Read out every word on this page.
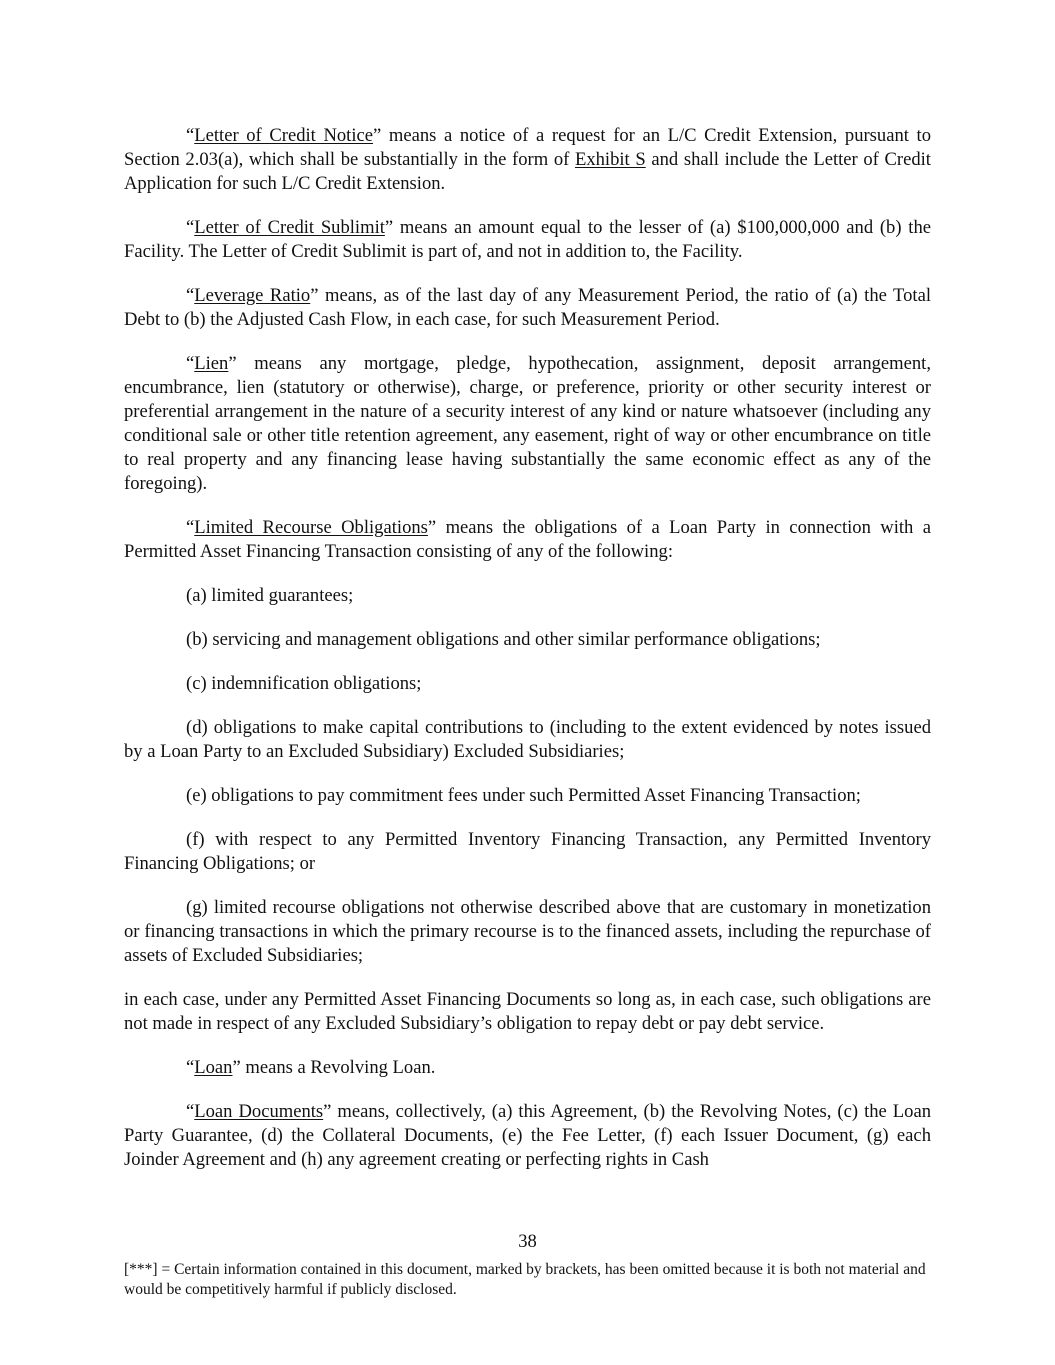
“Letter of Credit Notice” means a notice of a request for an L/C Credit Extension, pursuant to Section 2.03(a), which shall be substantially in the form of Exhibit S and shall include the Letter of Credit Application for such L/C Credit Extension.

“Letter of Credit Sublimit” means an amount equal to the lesser of (a) $100,000,000 and (b) the Facility. The Letter of Credit Sublimit is part of, and not in addition to, the Facility.

“Leverage Ratio” means, as of the last day of any Measurement Period, the ratio of (a) the Total Debt to (b) the Adjusted Cash Flow, in each case, for such Measurement Period.

“Lien” means any mortgage, pledge, hypothecation, assignment, deposit arrangement, encumbrance, lien (statutory or otherwise), charge, or preference, priority or other security interest or preferential arrangement in the nature of a security interest of any kind or nature whatsoever (including any conditional sale or other title retention agreement, any easement, right of way or other encumbrance on title to real property and any financing lease having substantially the same economic effect as any of the foregoing).

“Limited Recourse Obligations” means the obligations of a Loan Party in connection with a Permitted Asset Financing Transaction consisting of any of the following:

(a) limited guarantees;

(b) servicing and management obligations and other similar performance obligations;

(c) indemnification obligations;

(d) obligations to make capital contributions to (including to the extent evidenced by notes issued by a Loan Party to an Excluded Subsidiary) Excluded Subsidiaries;

(e) obligations to pay commitment fees under such Permitted Asset Financing Transaction;

(f) with respect to any Permitted Inventory Financing Transaction, any Permitted Inventory Financing Obligations; or

(g) limited recourse obligations not otherwise described above that are customary in monetization or financing transactions in which the primary recourse is to the financed assets, including the repurchase of assets of Excluded Subsidiaries;

in each case, under any Permitted Asset Financing Documents so long as, in each case, such obligations are not made in respect of any Excluded Subsidiary’s obligation to repay debt or pay debt service.

“Loan” means a Revolving Loan.

“Loan Documents” means, collectively, (a) this Agreement, (b) the Revolving Notes, (c) the Loan Party Guarantee, (d) the Collateral Documents, (e) the Fee Letter, (f) each Issuer Document, (g) each Joinder Agreement and (h) any agreement creating or perfecting rights in Cash

38
[***] = Certain information contained in this document, marked by brackets, has been omitted because it is both not material and would be competitively harmful if publicly disclosed.
